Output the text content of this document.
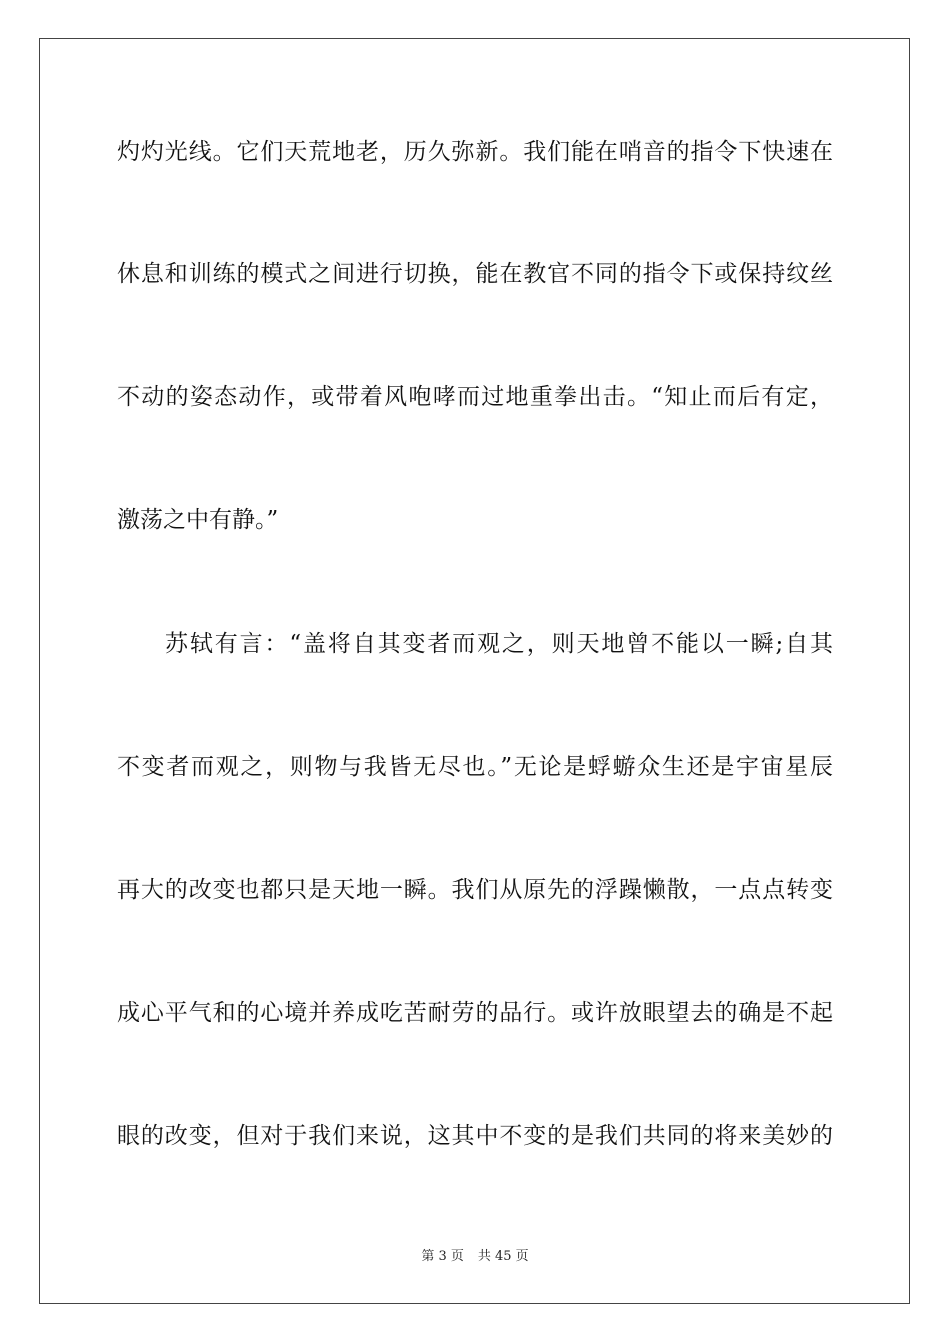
灼灼光线。它们天荒地老，历久弥新。我们能在哨音的指令下快速在
休息和训练的模式之间进行切换，能在教官不同的指令下或保持纹丝
不动的姿态动作，或带着风咆哮而过地重拳出击。“知止而后有定，
激荡之中有静。”
苏轼有言：“盖将自其变者而观之，则天地曾不能以一瞬;自其
不变者而观之，则物与我皆无尽也。”无论是蜉蝣众生还是宇宙星辰
再大的改变也都只是天地一瞬。我们从原先的浮躁懒散，一点点转变
成心平气和的心境并养成吃苦耐劳的品行。或许放眼望去的确是不起
眼的改变，但对于我们来说，这其中不变的是我们共同的将来美妙的
第 3 页 共 45 页
